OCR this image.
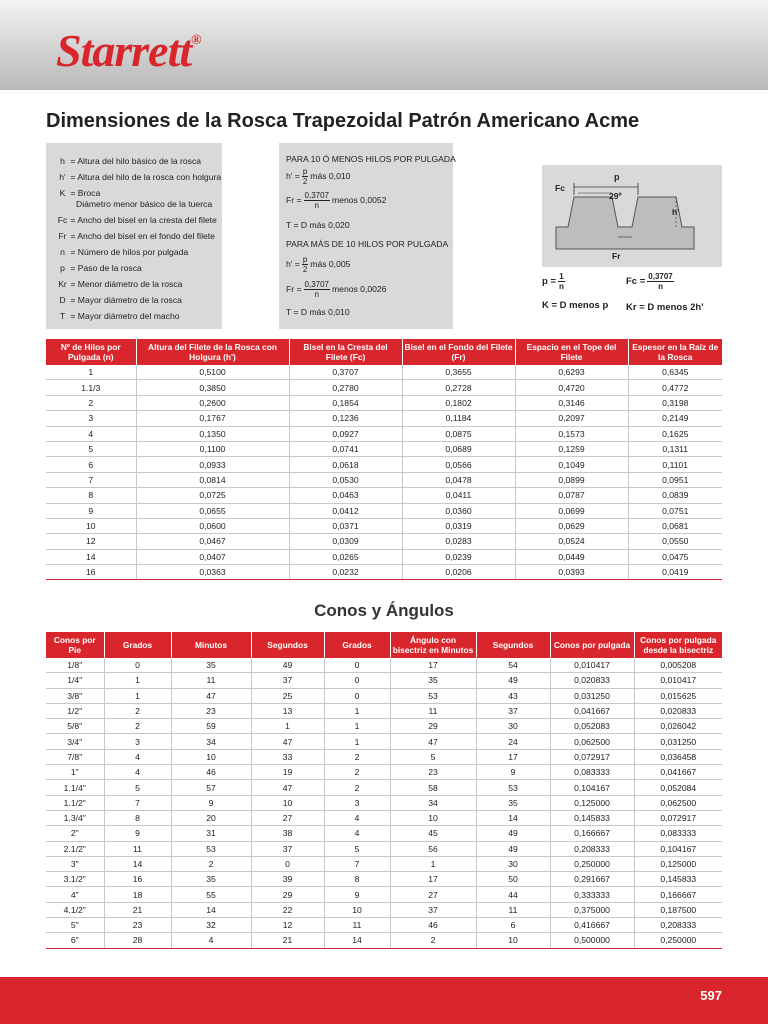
Starrett®
Dimensiones de la Rosca Trapezoidal Patrón Americano Acme
h = Altura del hilo básico de la rosca
h' = Altura del hilo de la rosca con holgura
K = Broca
Diámetro menor básico de la tuerca
Fc = Ancho del bisel en la cresta del filete
Fr = Ancho del bisel en el fondo del filete
n = Número de hilos por pulgada
p = Paso de la rosca
Kr = Menor diámetro de la rosca
D = Mayor diámetro de la rosca
T = Mayor diámetro del macho
PARA 10 Ó MENOS HILOS POR PULGADA
$h' = \frac{p}{2}$ más 0,010
$Fr = \frac{0,3707}{n}$ menos 0,0052
T = D más 0,020
PARA MÁS DE 10 HILOS POR PULGADA
$h' = \frac{p}{2}$ más 0,005
$Fr = \frac{0,3707}{n}$ menos 0,0026
T = D más 0,010
p
Fc
29º
h'
Fr
$p = \frac{1}{n}$	$Fc = \frac{0,3707}{n}$
K = D menos p Kr = D menos 2h'
Nº de Hilos por Pulgada (n)	Altura del Filete de la Rosca con Holgura (h')	Bisel en la Cresta del Filete (Fc)	Bisel en el Fondo del Filete (Fr)	Espacio en el Tope del Filete	Espesor en la Raíz de la Rosca
1	0,5100	0,3707	0,3655	0,6293	0,6345
1.1/3	0,3850	0,2780	0,2728	0,4720	0,4772
2	0,2600	0,1854	0,1802	0,3146	0,3198
3	0,1767	0,1236	0,1184	0,2097	0,2149
4	0,1350	0,0927	0,0875	0,1573	0,1625
5	0,1100	0,0741	0,0689	0,1259	0,1311
6	0,0933	0,0618	0,0566	0,1049	0,1101
7	0,0814	0,0530	0,0478	0,0899	0,0951
8	0,0725	0,0463	0,0411	0,0787	0,0839
9	0,0655	0,0412	0,0360	0,0699	0,0751
10	0,0600	0,0371	0,0319	0,0629	0,0681
12	0,0467	0,0309	0,0283	0,0524	0,0550
14	0,0407	0,0265	0,0239	0,0449	0,0475
16	0,0363	0,0232	0,0206	0,0393	0,0419
Conos y Ángulos
Conos por Pie	Grados	Minutos	Segundos	Grados	Ángulo con bisectriz en Minutos	Segundos	Conos por pulgada	Conos por pulgada desde la bisectriz
1/8"	0	35	49	0	17	54	0,010417	0,005208
1/4"	1	11	37	0	35	49	0,020833	0,010417
3/8"	1	47	25	0	53	43	0,031250	0,015625
1/2"	2	23	13	1	11	37	0,041667	0,020833
5/8"	2	59	1	1	29	30	0,052083	0,026042
3/4"	3	34	47	1	47	24	0,062500	0,031250
7/8"	4	10	33	2	5	17	0,072917	0,036458
1"	4	46	19	2	23	9	0,083333	0,041667
1.1/4"	5	57	47	2	58	53	0,104167	0,052084
1.1/2"	7	9	10	3	34	35	0,125000	0,062500
1.3/4"	8	20	27	4	10	14	0,145833	0,072917
2"	9	31	38	4	45	49	0,166667	0,083333
2.1/2"	11	53	37	5	56	49	0,208333	0,104167
3"	14	2	0	7	1	30	0,250000	0,125000
3.1/2"	16	35	39	8	17	50	0,291667	0,145833
4"	18	55	29	9	27	44	0,333333	0,166667
4.1/2"	21	14	22	10	37	11	0,375000	0,187500
5"	23	32	12	11	46	6	0,416667	0,208333
6"	28	4	21	14	2	10	0,500000	0,250000
597
